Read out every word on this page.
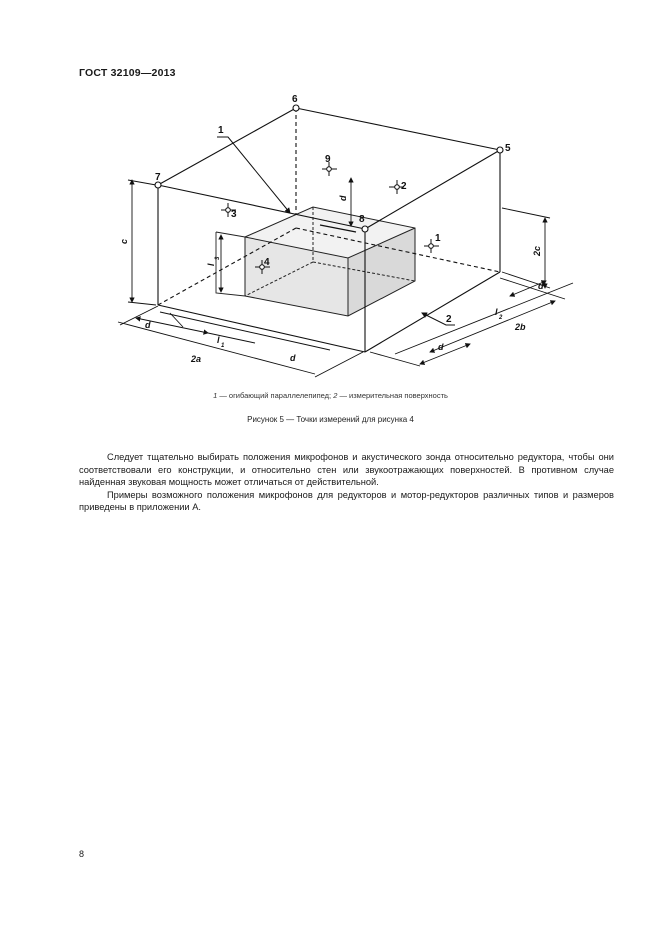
ГОСТ 32109—2013
1
2
3
4
5
6
7
8
9
1
2
c
l
3
d
2c
d
l
1
2a	d
2b
l
2
d
d
1 — огибающий параллелепипед; 2 — измерительная поверхность
Рисунок 5 — Точки измерений для рисунка 4

Следует тщательно выбирать положения микрофонов и акустического зонда относительно редуктора, чтобы они соответствовали его конструкции, и относительно стен или звукоотражающих поверхностей. В противном случае найденная звуковая мощность может отличаться от действительной.

Примеры возможного положения микрофонов для редукторов и мотор-редукторов различных типов и размеров приведены в приложении А.

8
